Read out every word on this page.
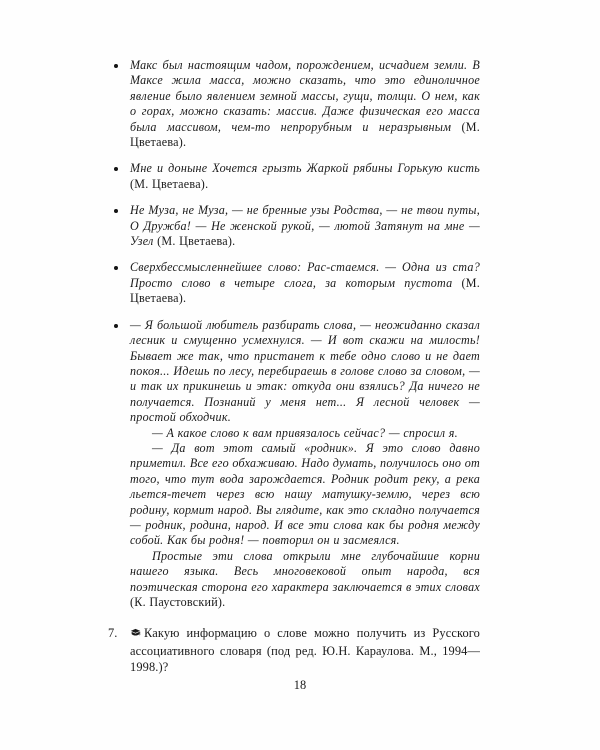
Макс был настоящим чадом, порождением, исчадием земли. В Максе жила масса, можно сказать, что это единоличное явление было явлением земной массы, гущи, толщи. О нем, как о горах, можно сказать: массив. Даже физическая его масса была массивом, чем-то непрорубным и неразрывным (М. Цветаева).

Мне и доныне Хочется грызть Жаркой рябины Горькую кисть (М. Цветаева).

Не Муза, не Муза, — не бренные узы Родства, — не твои путы, О Дружба! — Не женской рукой, — лютой Затянут на мне — Узел (М. Цветаева).

Сверхбессмысленнейшее слово: Рас-стаемся. — Одна из ста? Просто слово в четыре слога, за которым пустота (М. Цветаева).

— Я большой любитель разбирать слова, — неожиданно сказал лесник и смущенно усмехнулся. — И вот скажи на милость! Бывает же так, что пристанет к тебе одно слово и не дает покоя... Идешь по лесу, перебираешь в голове слово за словом, — и так их прикинешь и этак: откуда они взялись? Да ничего не получается. Познаний у меня нет... Я лесной человек — простой обходчик.

— А какое слово к вам привязалось сейчас? — спросил я.

— Да вот этот самый «родник». Я это слово давно приметил. Все его обхаживаю. Надо думать, получилось оно от того, что тут вода зарождается. Родник родит реку, а река льется-течет через всю нашу матушку-землю, через всю родину, кормит народ. Вы глядите, как это складно получается — родник, родина, народ. И все эти слова как бы родня между собой. Как бы родня! — повторил он и засмеялся.

Простые эти слова открыли мне глубочайшие корни нашего языка. Весь многовековой опыт народа, вся поэтическая сторона его характера заключается в этих словах (К. Паустовский).

7.	Какую информацию о слове можно получить из Русского ассоциативного словаря (под ред. Ю.Н. Караулова. М., 1994—1998.)?

18
